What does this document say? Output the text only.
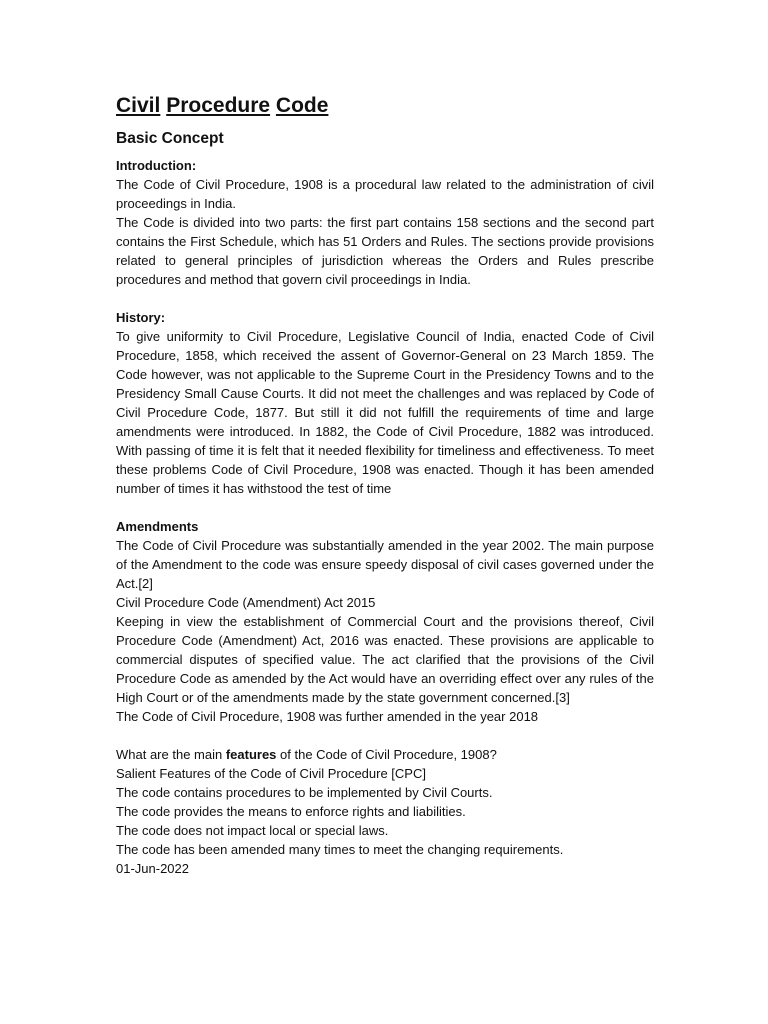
Civil Procedure Code
Basic Concept
Introduction:

The Code of Civil Procedure, 1908 is a procedural law related to the administration of civil proceedings in India.

The Code is divided into two parts: the first part contains 158 sections and the second part contains the First Schedule, which has 51 Orders and Rules. The sections provide provisions related to general principles of jurisdiction whereas the Orders and Rules prescribe procedures and method that govern civil proceedings in India.

History:

To give uniformity to Civil Procedure, Legislative Council of India, enacted Code of Civil Procedure, 1858, which received the assent of Governor-General on 23 March 1859. The Code however, was not applicable to the Supreme Court in the Presidency Towns and to the Presidency Small Cause Courts. It did not meet the challenges and was replaced by Code of Civil Procedure Code, 1877. But still it did not fulfill the requirements of time and large amendments were introduced. In 1882, the Code of Civil Procedure, 1882 was introduced. With passing of time it is felt that it needed flexibility for timeliness and effectiveness. To meet these problems Code of Civil Procedure, 1908 was enacted. Though it has been amended number of times it has withstood the test of time

Amendments

The Code of Civil Procedure was substantially amended in the year 2002. The main purpose of the Amendment to the code was ensure speedy disposal of civil cases governed under the Act.[2]

Civil Procedure Code (Amendment) Act 2015

Keeping in view the establishment of Commercial Court and the provisions thereof, Civil Procedure Code (Amendment) Act, 2016 was enacted. These provisions are applicable to commercial disputes of specified value. The act clarified that the provisions of the Civil Procedure Code as amended by the Act would have an overriding effect over any rules of the High Court or of the amendments made by the state government concerned.[3]

The Code of Civil Procedure, 1908 was further amended in the year 2018

What are the main features of the Code of Civil Procedure, 1908?

Salient Features of the Code of Civil Procedure [CPC]

The code contains procedures to be implemented by Civil Courts.

The code provides the means to enforce rights and liabilities.

The code does not impact local or special laws.

The code has been amended many times to meet the changing requirements.

01-Jun-2022
